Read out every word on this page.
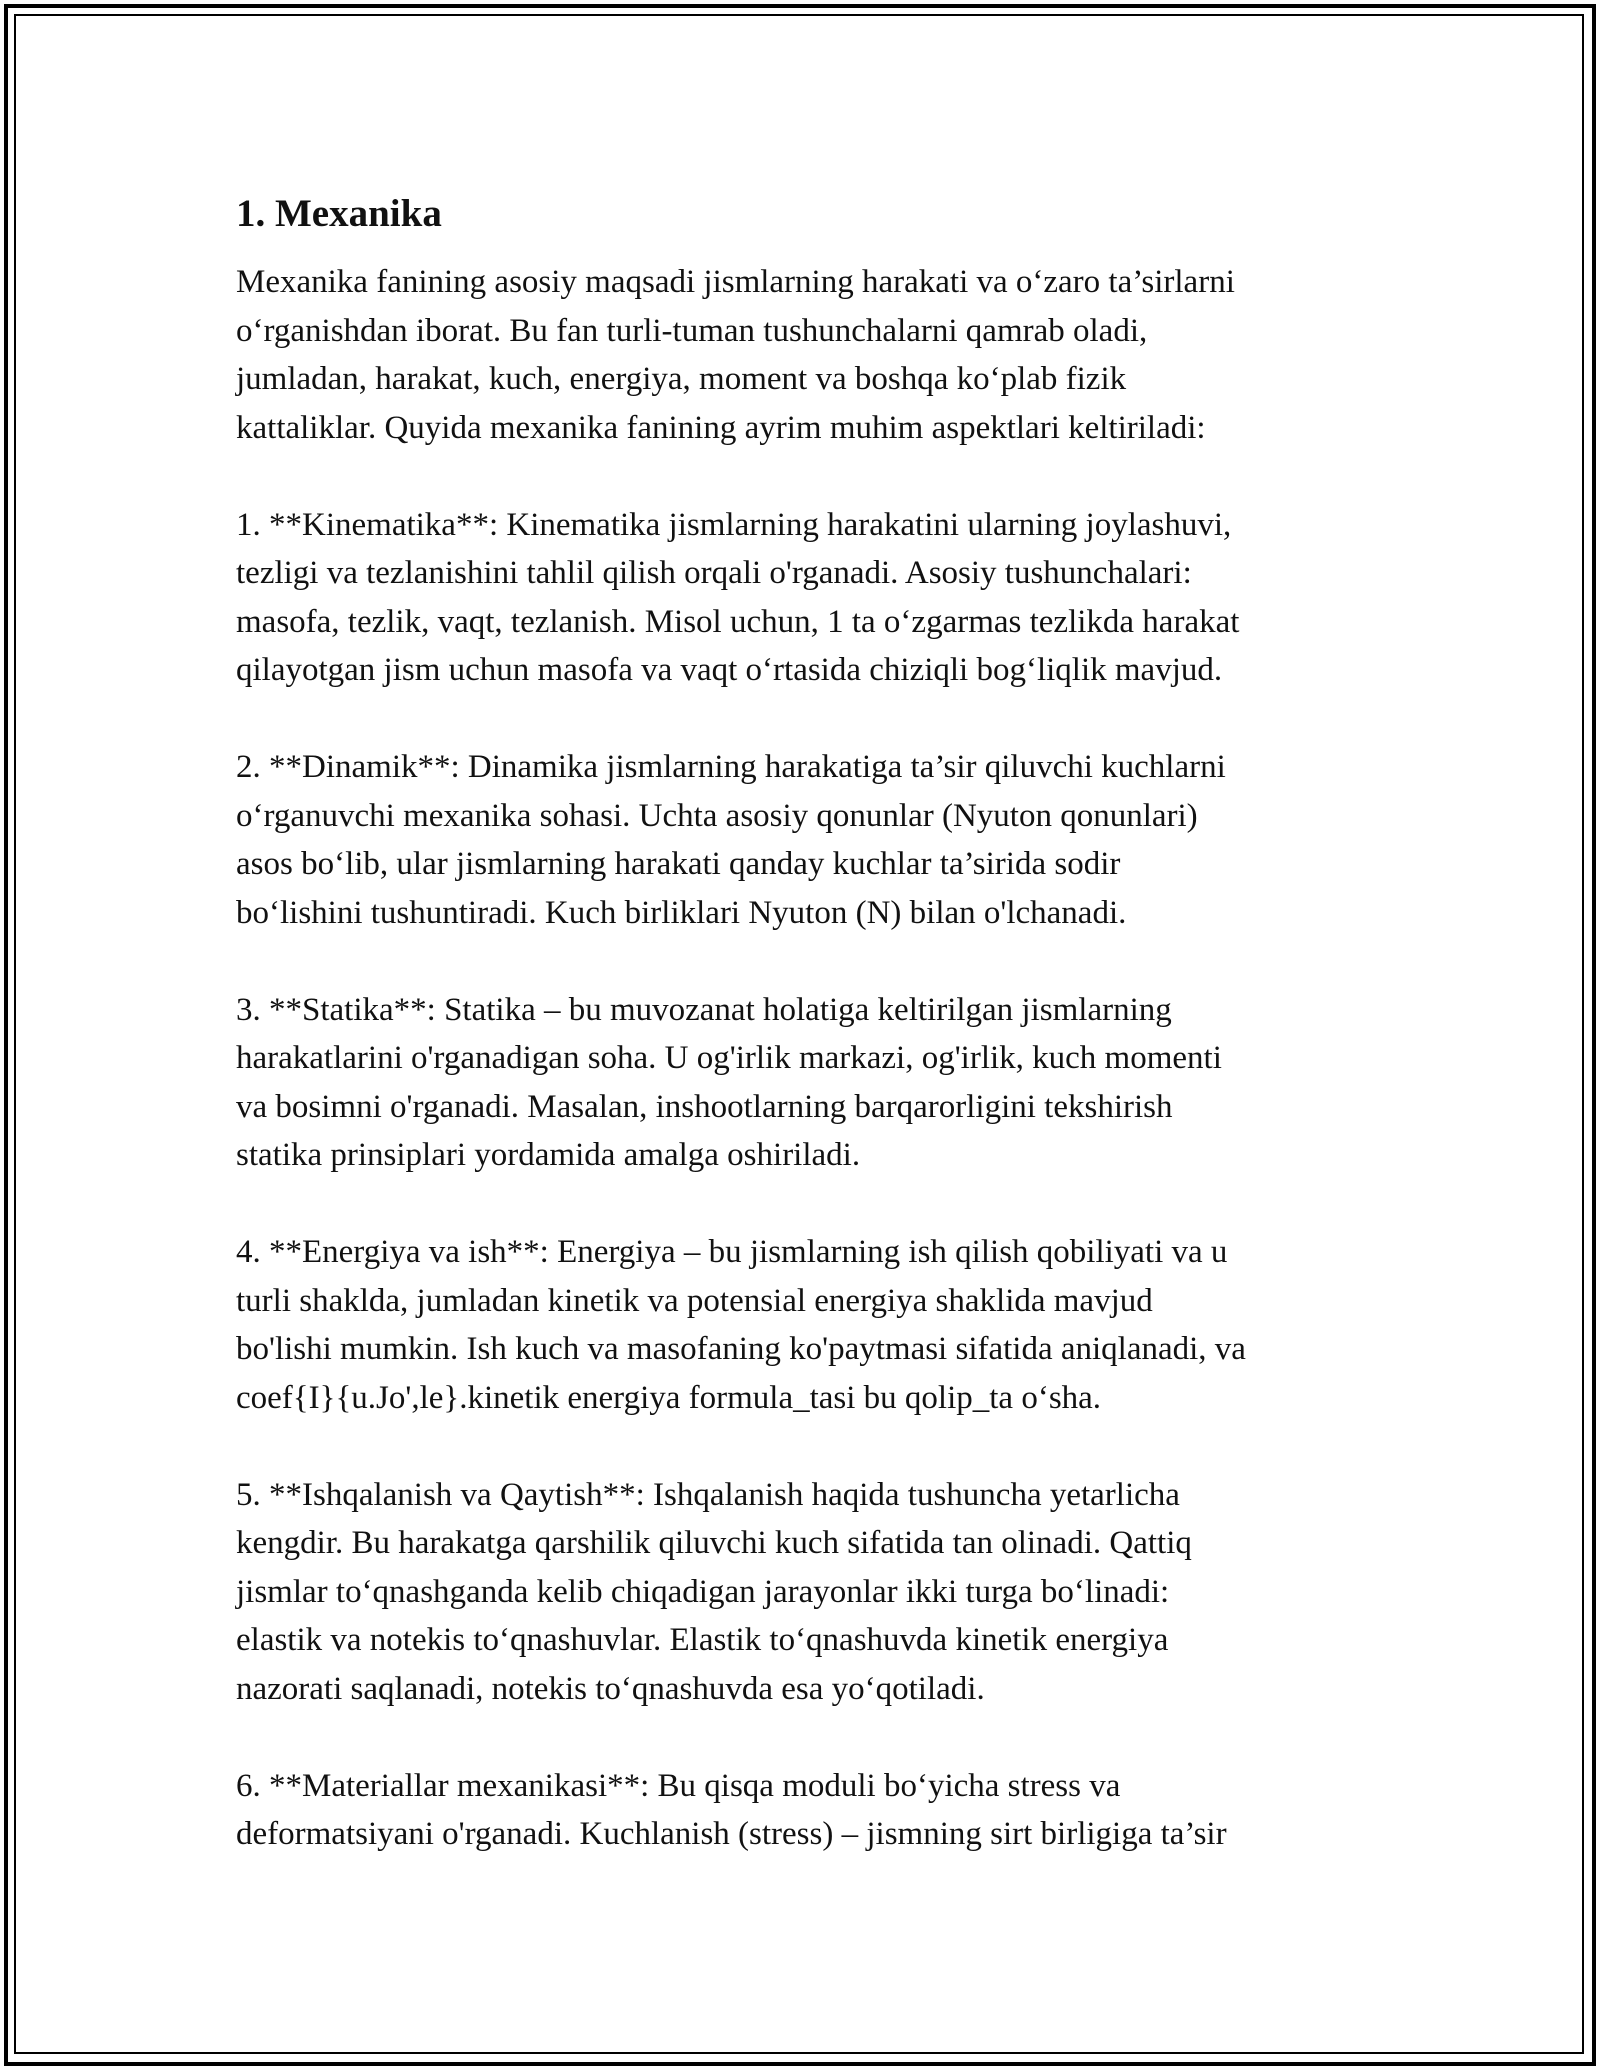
1. Mexanika

Mexanika fanining asosiy maqsadi jismlarning harakati va o‘zaro ta’sirlarni
o‘rganishdan iborat. Bu fan turli-tuman tushunchalarni qamrab oladi,
jumladan, harakat, kuch, energiya, moment va boshqa ko‘plab fizik
kattaliklar. Quyida mexanika fanining ayrim muhim aspektlari keltiriladi:

1. **Kinematika**: Kinematika jismlarning harakatini ularning joylashuvi,
tezligi va tezlanishini tahlil qilish orqali o'rganadi. Asosiy tushunchalari:
masofa, tezlik, vaqt, tezlanish. Misol uchun, 1 ta o‘zgarmas tezlikda harakat
qilayotgan jism uchun masofa va vaqt o‘rtasida chiziqli bog‘liqlik mavjud.

2. **Dinamik**: Dinamika jismlarning harakatiga ta’sir qiluvchi kuchlarni
o‘rganuvchi mexanika sohasi. Uchta asosiy qonunlar (Nyuton qonunlari)
asos bo‘lib, ular jismlarning harakati qanday kuchlar ta’sirida sodir
bo‘lishini tushuntiradi. Kuch birliklari Nyuton (N) bilan o'lchanadi.

3. **Statika**: Statika – bu muvozanat holatiga keltirilgan jismlarning
harakatlarini o'rganadigan soha. U og'irlik markazi, og'irlik, kuch momenti
va bosimni o'rganadi. Masalan, inshootlarning barqarorligini tekshirish
statika prinsiplari yordamida amalga oshiriladi.

4. **Energiya va ish**: Energiya – bu jismlarning ish qilish qobiliyati va u
turli shaklda, jumladan kinetik va potensial energiya shaklida mavjud
bo'lishi mumkin. Ish kuch va masofaning ko'paytmasi sifatida aniqlanadi, va
coef{I}{u.Jo',le}.kinetik energiya formula_tasi bu qolip_ta o‘sha.

5. **Ishqalanish va Qaytish**: Ishqalanish haqida tushuncha yetarlicha
kengdir. Bu harakatga qarshilik qiluvchi kuch sifatida tan olinadi. Qattiq
jismlar to‘qnashganda kelib chiqadigan jarayonlar ikki turga bo‘linadi:
elastik va notekis to‘qnashuvlar. Elastik to‘qnashuvda kinetik energiya
nazorati saqlanadi, notekis to‘qnashuvda esa yo‘qotiladi.

6. **Materiallar mexanikasi**: Bu qisqa moduli bo‘yicha stress va
deformatsiyani o'rganadi. Kuchlanish (stress) – jismning sirt birligiga ta’sir
